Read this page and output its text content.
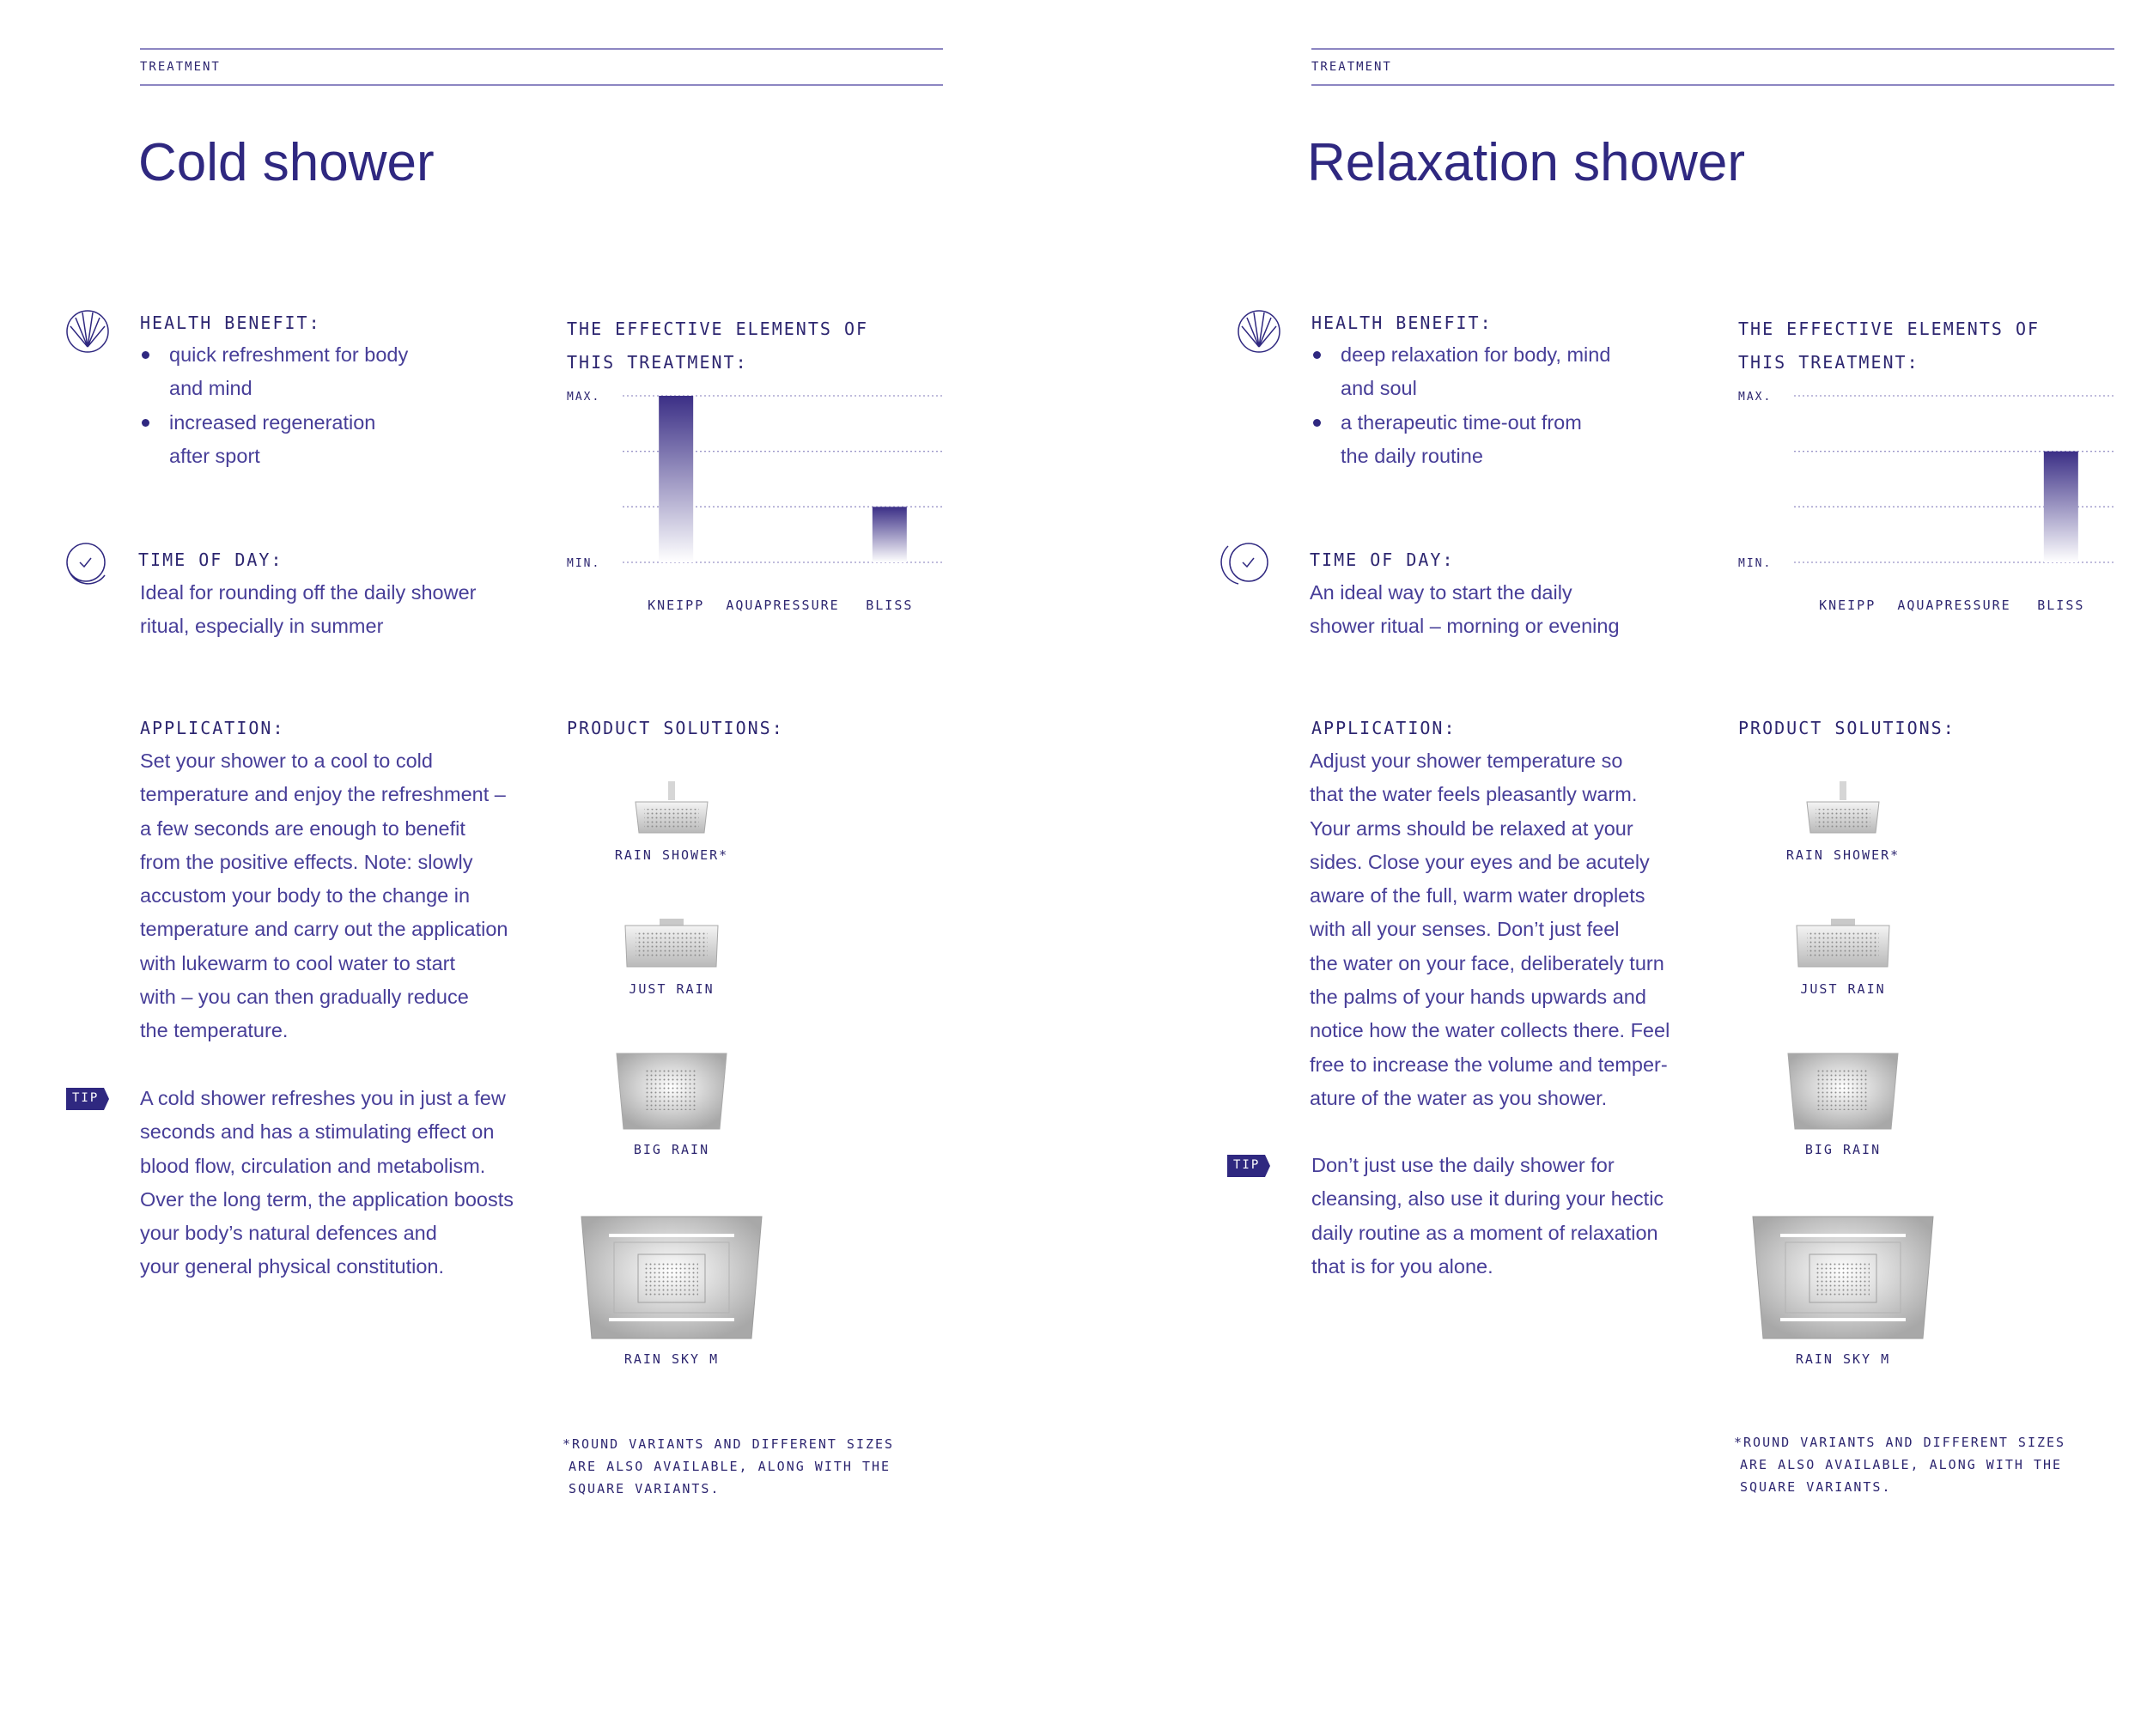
TREATMENT
Cold shower
HEALTH BENEFIT:

quick refreshment for body

and mind

increased regeneration

after sport

TIME OF DAY:

Ideal for rounding off the daily shower

ritual, especially in summer

THE EFFECTIVE ELEMENTS OF
THIS TREATMENT:
MAX.
MIN.
KNEIPP	AQUAPRESSURE	BLISS
APPLICATION:

Set your shower to a cool to cold

temperature and enjoy the refreshment –

a few seconds are enough to benefit

from the positive effects. Note: slowly

accustom your body to the change in

temperature and carry out the application

with lukewarm to cool water to start

with – you can then gradually reduce

the temperature.

TIP A cold shower refreshes you in just a few

seconds and has a stimulating effect on

blood flow, circulation and metabolism.

Over the long term, the application boosts

your body’s natural defences and

your general physical constitution.

PRODUCT SOLUTIONS:
RAIN SHOWER*
JUST RAIN
BIG RAIN
RAIN SKY M

*ROUND VARIANTS AND DIFFERENT SIZES

ARE ALSO AVAILABLE, ALONG WITH THE

SQUARE VARIANTS.

TREATMENT
Relaxation shower
HEALTH BENEFIT:

deep relaxation for body, mind

and soul

a therapeutic time-out from

the daily routine

TIME OF DAY:

An ideal way to start the daily

shower ritual – morning or evening

THE EFFECTIVE ELEMENTS OF
THIS TREATMENT:
MAX.
MIN.
KNEIPP	AQUAPRESSURE	BLISS
APPLICATION:

Adjust your shower temperature so

that the water feels pleasantly warm.

Your arms should be relaxed at your

sides. Close your eyes and be acutely

aware of the full, warm water droplets

with all your senses. Don’t just feel

the water on your face, deliberately turn

the palms of your hands upwards and

notice how the water collects there. Feel

free to increase the volume and temper-

ature of the water as you shower.

TIP	Don’t just use the daily shower for

cleansing, also use it during your hectic

daily routine as a moment of relaxation

that is for you alone.

PRODUCT SOLUTIONS:
RAIN SHOWER*
JUST RAIN
BIG RAIN
RAIN SKY M

*ROUND VARIANTS AND DIFFERENT SIZES

ARE ALSO AVAILABLE, ALONG WITH THE

SQUARE VARIANTS.
